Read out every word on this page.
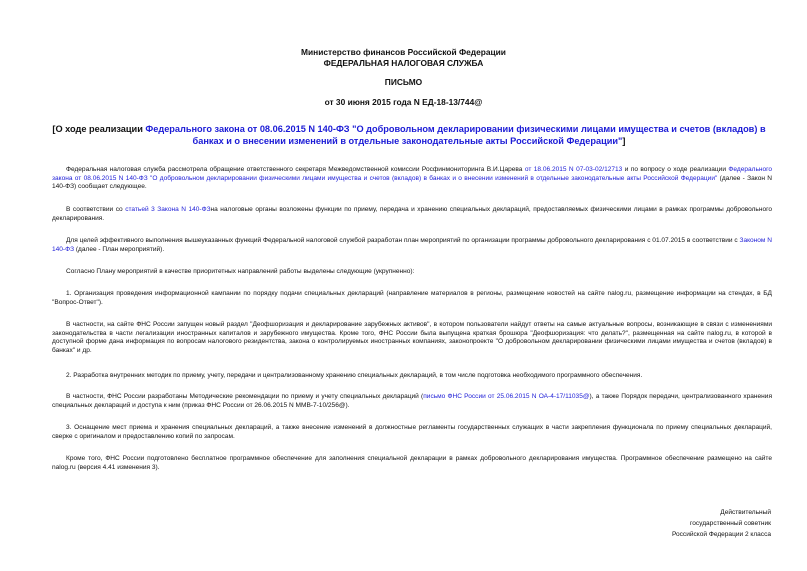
Министерство финансов Российской Федерации
ФЕДЕРАЛЬНАЯ НАЛОГОВАЯ СЛУЖБА
ПИСЬМО
от 30 июня 2015 года N ЕД-18-13/744@
[О ходе реализации Федерального закона от 08.06.2015 N 140-ФЗ "О добровольном декларировании физическими лицами имущества и счетов (вкладов) в банках и о внесении изменений в отдельные законодательные акты Российской Федерации"]
Федеральная налоговая служба рассмотрела обращение ответственного секретаря Межведомственной комиссии Росфинмониторинга В.И.Царева от 18.06.2015 N 07-03-02/12713 и по вопросу о ходе реализации Федерального закона от 08.06.2015 N 140-ФЗ "О добровольном декларировании физическими лицами имущества и счетов (вкладов) в банках и о внесении изменений в отдельные законодательные акты Российской Федерации" (далее - Закон N 140-ФЗ) сообщает следующее.
В соответствии со статьей 3 Закона N 140-ФЗна налоговые органы возложены функции по приему, передача и хранению специальных деклараций, предоставляемых физическими лицами в рамках программы добровольного декларирования.
Для целей эффективного выполнения вышеуказанных функций Федеральной налоговой службой разработан план мероприятий по организации программы добровольного декларирования с 01.07.2015 в соответствии с Законом N 140-ФЗ (далее - План мероприятий).
Согласно Плану мероприятий в качестве приоритетных направлений работы выделены следующие (укрупненно):
1. Организация проведения информационной кампании по порядку подачи специальных деклараций (направление материалов в регионы, размещение новостей на сайте nalog.ru, размещение информации на стендах, в БД "Вопрос-Ответ").
В частности, на сайте ФНС России запущен новый раздел "Деофшоризация и декларирование зарубежных активов", в котором пользователи найдут ответы на самые актуальные вопросы, возникающие в связи с изменениями законодательства в части легализации иностранных капиталов и зарубежного имущества. Кроме того, ФНС России была выпущена краткая брошюра "Деофшоризация: что делать?", размещенная на сайте nalog.ru, в которой в доступной форме дана информация по вопросам налогового резидентства, закона о контролируемых иностранных компаниях, законопроекте "О добровольном декларировании физическими лицами имущества и счетов (вкладов) в банках" и др.
2. Разработка внутренних методик по приему, учету, передачи и централизованному хранению специальных деклараций, в том числе подготовка необходимого программного обеспечения.
В частности, ФНС России разработаны Методические рекомендации по приему и учету специальных деклараций (письмо ФНС России от 25.06.2015 N ОА-4-17/11035@), а также Порядок передачи, централизованного хранения специальных деклараций и доступа к ним (приказ ФНС России от 26.06.2015 N ММВ-7-10/256@).
3. Оснащение мест приема и хранения специальных деклараций, а также внесение изменений в должностные регламенты государственных служащих в части закрепления функционала по приему специальных деклараций, сверке с оригиналом и предоставлению копий по запросам.
Кроме того, ФНС России подготовлено бесплатное программное обеспечение для заполнения специальной декларации в рамках добровольного декларирования имущества. Программное обеспечение размещено на сайте nalog.ru (версия 4.41 изменения 3).
Действительный
государственный советник
Российской Федерации 2 класса
